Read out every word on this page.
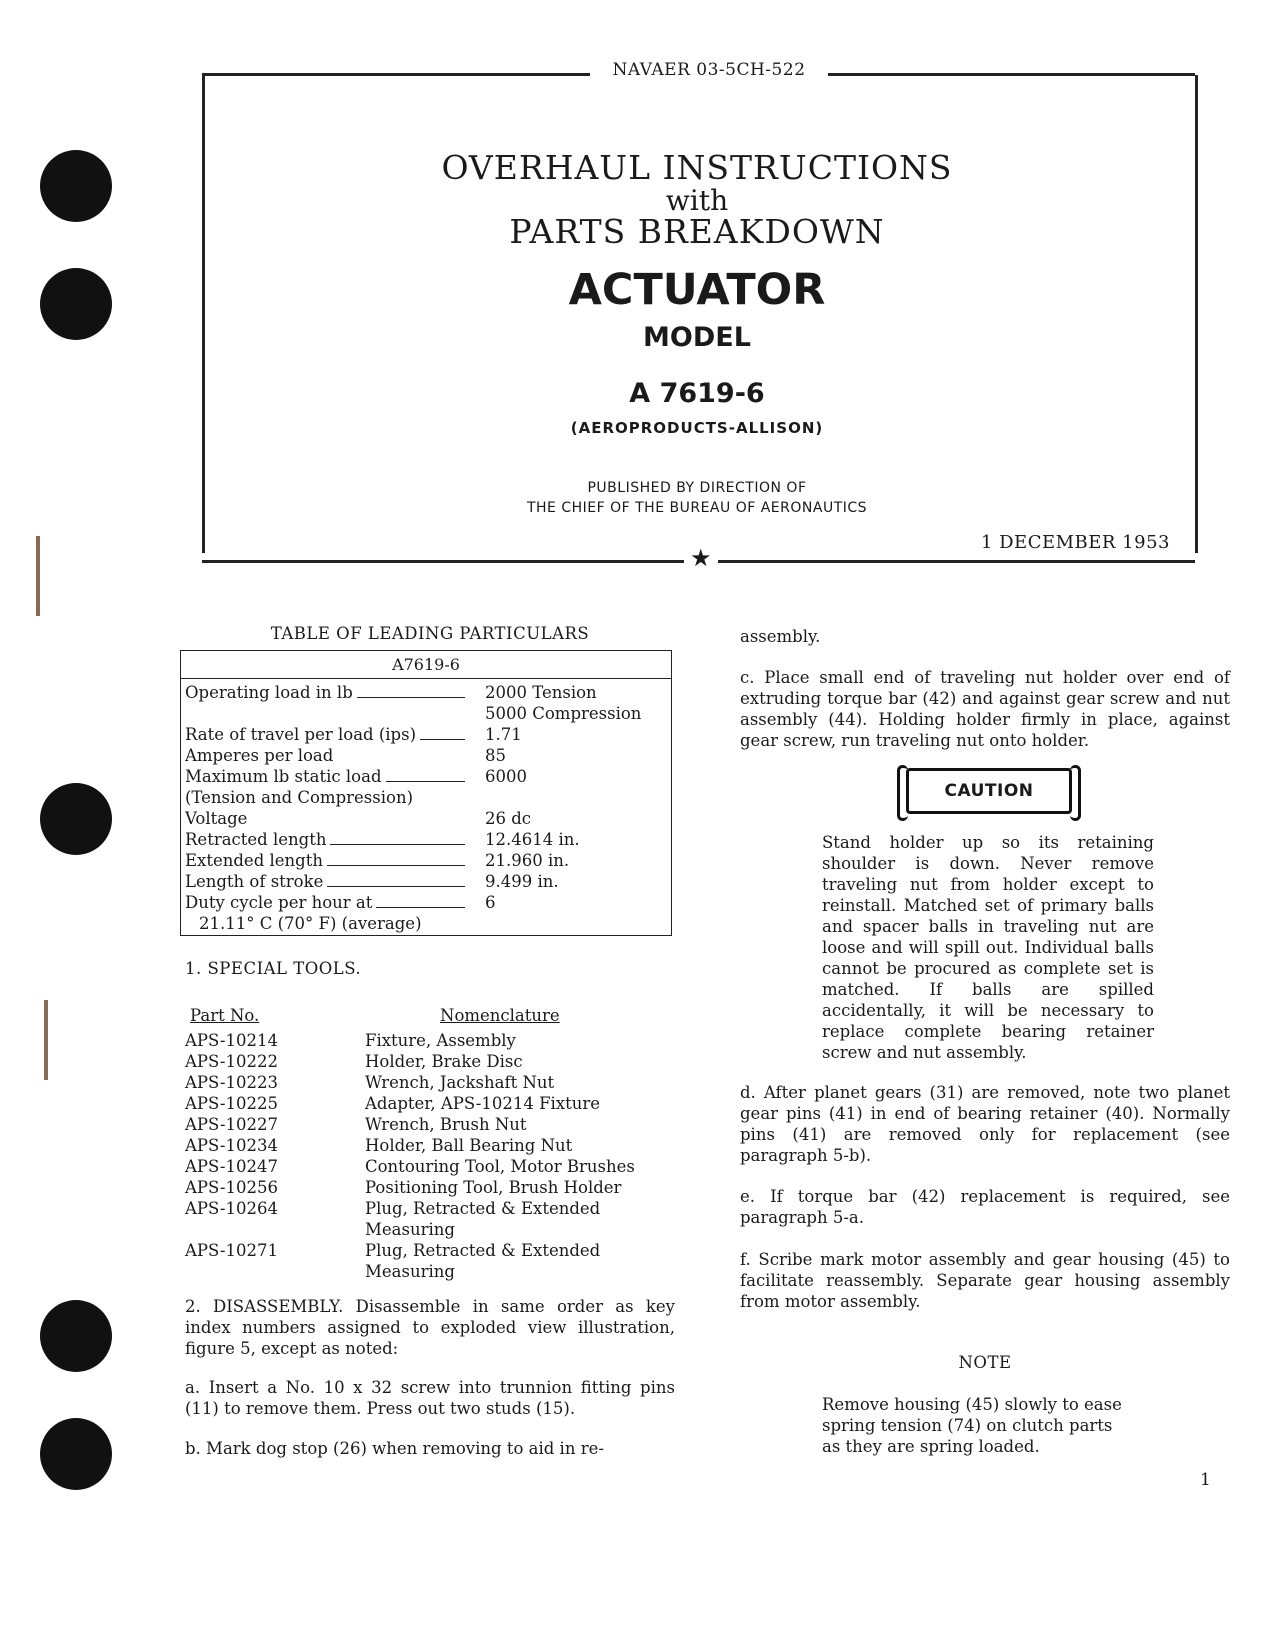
NAVAER 03-5CH-522
★
OVERHAUL INSTRUCTIONS
with
PARTS BREAKDOWN
ACTUATOR
MODEL
A 7619-6
(AEROPRODUCTS-ALLISON)
PUBLISHED BY DIRECTION OF
THE CHIEF OF THE BUREAU OF AERONAUTICS
1 DECEMBER 1953
TABLE OF LEADING PARTICULARS
A7619-6
Operating load in lb	2000 Tension
5000 Compression
Rate of travel per load (ips)	1.71
Amperes per load	85
Maximum lb static load	6000
(Tension and Compression)
Voltage	26 dc
Retracted length	12.4614 in.
Extended length	21.960 in.
Length of stroke	9.499 in.
Duty cycle per hour at	6
21.11° C (70° F) (average)
1. SPECIAL TOOLS.
Part No.	Nomenclature
APS-10214	Fixture, Assembly
APS-10222	Holder, Brake Disc
APS-10223	Wrench, Jackshaft Nut
APS-10225	Adapter, APS-10214 Fixture
APS-10227	Wrench, Brush Nut
APS-10234	Holder, Ball Bearing Nut
APS-10247	Contouring Tool, Motor Brushes
APS-10256	Positioning Tool, Brush Holder
APS-10264	Plug, Retracted & Extended
Measuring
APS-10271	Plug, Retracted & Extended
Measuring

2. DISASSEMBLY. Disassemble in same order as key index numbers assigned to exploded view illustration, figure 5, except as noted:

a. Insert a No. 10 x 32 screw into trunnion fitting pins (11) to remove them. Press out two studs (15).

b. Mark dog stop (26) when removing to aid in re-

assembly.

c. Place small end of traveling nut holder over end of extruding torque bar (42) and against gear screw and nut assembly (44). Holding holder firmly in place, against gear screw, run traveling nut onto holder.

CAUTION

Stand holder up so its retaining shoulder is down. Never remove traveling nut from holder except to reinstall. Matched set of primary balls and spacer balls in traveling nut are loose and will spill out. Individual balls cannot be procured as complete set is matched. If balls are spilled accidentally, it will be necessary to replace complete bearing retainer screw and nut assembly.

d. After planet gears (31) are removed, note two planet gear pins (41) in end of bearing retainer (40). Normally pins (41) are removed only for replacement (see paragraph 5-b).

e. If torque bar (42) replacement is required, see paragraph 5-a.

f. Scribe mark motor assembly and gear housing (45) to facilitate reassembly. Separate gear housing assembly from motor assembly.

NOTE

Remove housing (45) slowly to ease spring tension (74) on clutch parts as they are spring loaded.

1
